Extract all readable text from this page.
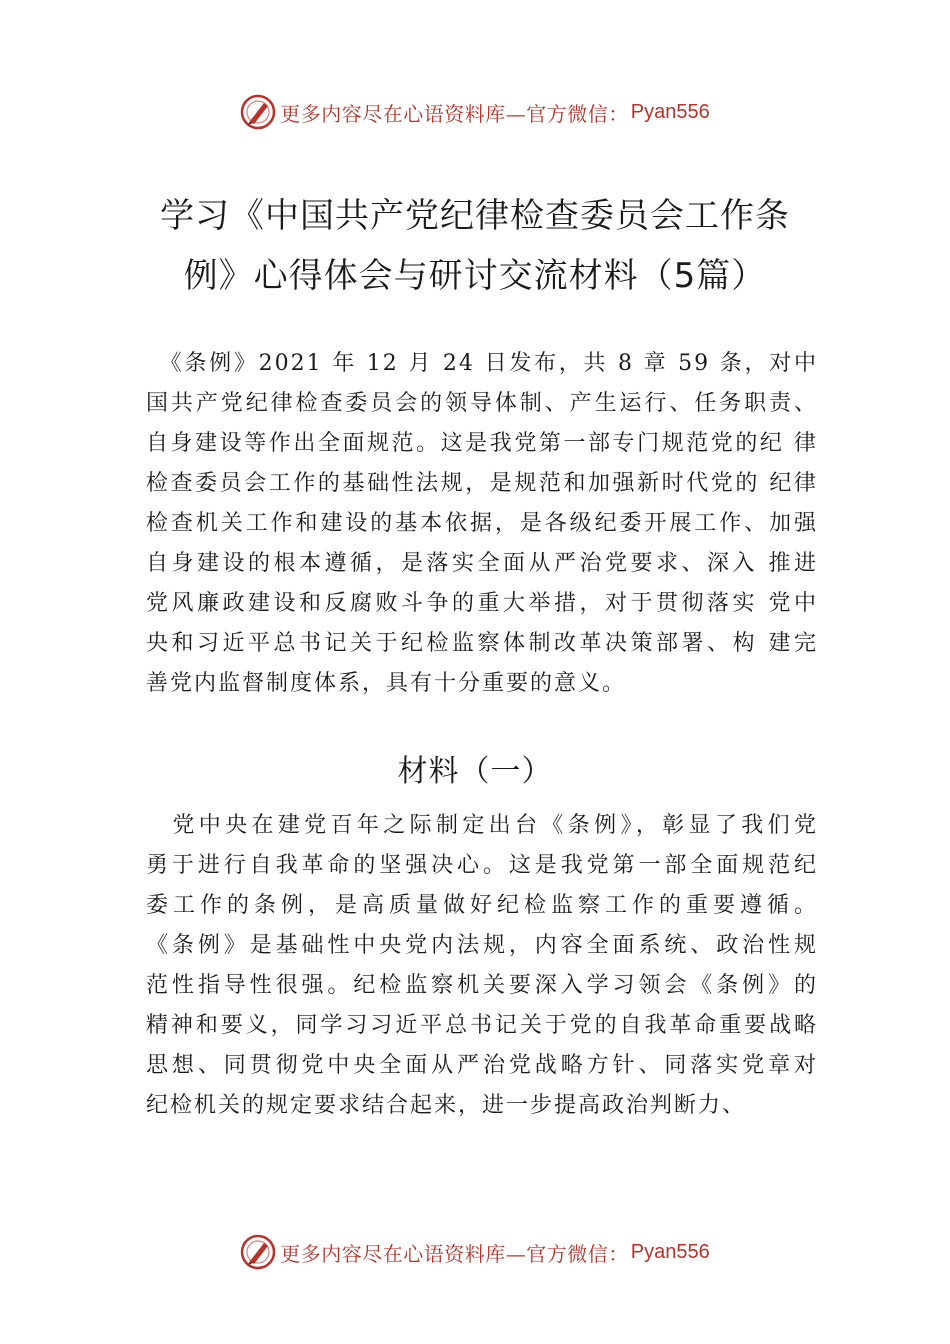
更多内容尽在心语资料库—官方微信： Pyan556
学习《中国共产党纪律检查委员会工作条
例》心得体会与研讨交流材料（5篇）

　《条例》2021 年 12 月 24 日发布，共 8 章 59 条，对中
国共产党纪律检查委员会的领导体制、产生运行、任务职责、
自身建设等作出全面规范。这是我党第一部专门规范党的纪 律
检查委员会工作的基础性法规，是规范和加强新时代党的 纪律
检查机关工作和建设的基本依据，是各级纪委开展工作、加强
自身建设的根本遵循，是落实全面从严治党要求、深入 推进
党风廉政建设和反腐败斗争的重大举措，对于贯彻落实 党中
央和习近平总书记关于纪检监察体制改革决策部署、构 建完
善党内监督制度体系，具有十分重要的意义。

材料（一）

　党中央在建党百年之际制定出台《条例》，彰显了我们党
勇于进行自我革命的坚强决心。这是我党第一部全面规范纪
委工作的条例，是高质量做好纪检监察工作的重要遵循。
《条例》是基础性中央党内法规，内容全面系统、政治性规
范性指导性很强。纪检监察机关要深入学习领会《条例》的
精神和要义，同学习习近平总书记关于党的自我革命重要战略
思想、同贯彻党中央全面从严治党战略方针、同落实党章对
纪检机关的规定要求结合起来，进一步提高政治判断力、

更多内容尽在心语资料库—官方微信： Pyan556
